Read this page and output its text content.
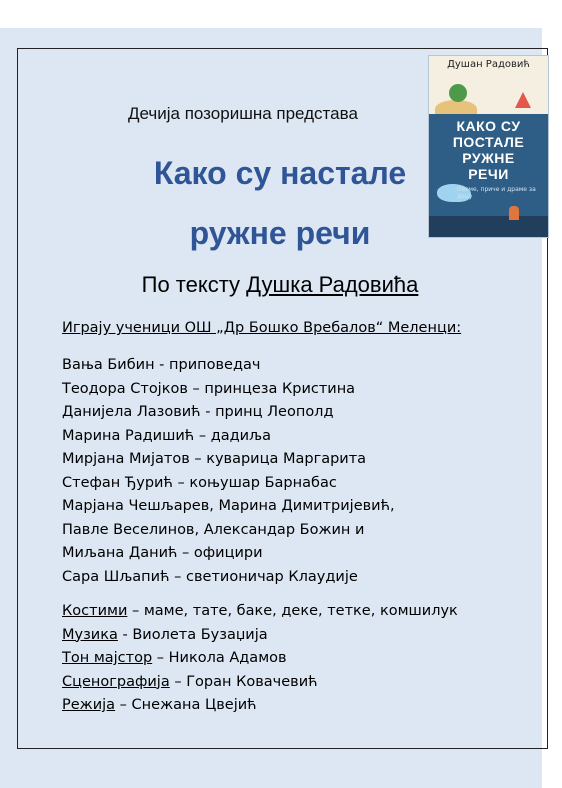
Душан Радовић
КАКО СУ
ПОСТАЛЕ
РУЖНЕ
РЕЧИ
Песме, приче и драме за децу
Дечија позоришна представа
Како су настале
ружне речи
По тексту Душка Радовића
Играју ученици ОШ „Др Бошко Вребалов“ Меленци:
Вања Бибин - приповедач
Теодора Стојков – принцеза Кристина
Данијела Лазовић - принц Леополд
Марина Радишић – дадиља
Мирјана Мијатов – куварица Маргарита
Стефан Ђурић – коњушар Барнабас
Марјана Чешљарев, Марина Димитријевић,
Павле Веселинов, Александар Божин и
Миљана Данић – официри
Сара Шљапић – светионичар Клаудије
Костими – маме, тате, баке, деке, тетке, комшилук
Музика - Виолета Бузаџија
Тон мајстор – Никола Адамов
Сценографија – Горан Ковачевић
Режија – Снежана Цвејић
